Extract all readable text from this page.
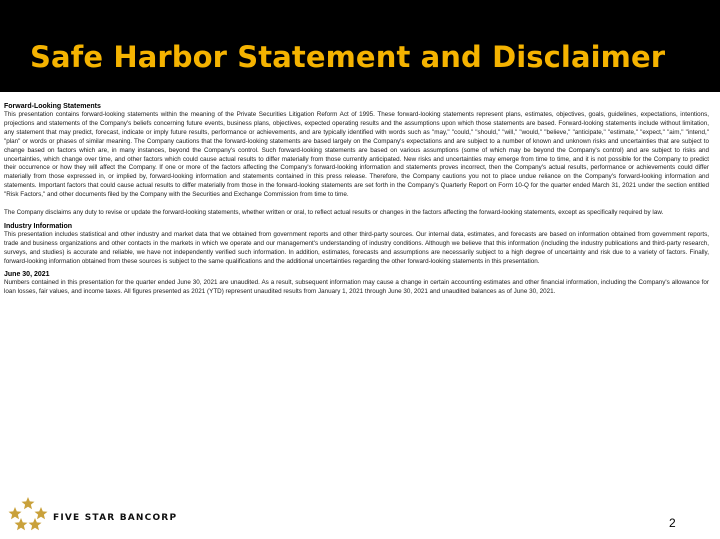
Safe Harbor Statement and Disclaimer
Forward-Looking Statements

This presentation contains forward-looking statements within the meaning of the Private Securities Litigation Reform Act of 1995. These forward-looking statements represent plans, estimates, objectives, goals, guidelines, expectations, intentions, projections and statements of the Company's beliefs concerning future events, business plans, objectives, expected operating results and the assumptions upon which those statements are based. Forward-looking statements include without limitation, any statement that may predict, forecast, indicate or imply future results, performance or achievements, and are typically identified with words such as "may," "could," "should," "will," "would," "believe," "anticipate," "estimate," "expect," "aim," "intend," "plan" or words or phases of similar meaning. The Company cautions that the forward-looking statements are based largely on the Company's expectations and are subject to a number of known and unknown risks and uncertainties that are subject to change based on factors which are, in many instances, beyond the Company's control. Such forward-looking statements are based on various assumptions (some of which may be beyond the Company's control) and are subject to risks and uncertainties, which change over time, and other factors which could cause actual results to differ materially from those currently anticipated. New risks and uncertainties may emerge from time to time, and it is not possible for the Company to predict their occurrence or how they will affect the Company. If one or more of the factors affecting the Company's forward-looking information and statements proves incorrect, then the Company's actual results, performance or achievements could differ materially from those expressed in, or implied by, forward-looking information and statements contained in this press release. Therefore, the Company cautions you not to place undue reliance on the Company's forward-looking information and statements. Important factors that could cause actual results to differ materially from those in the forward-looking statements are set forth in the Company's Quarterly Report on Form 10-Q for the quarter ended March 31, 2021 under the section entitled "Risk Factors," and other documents filed by the Company with the Securities and Exchange Commission from time to time.

The Company disclaims any duty to revise or update the forward-looking statements, whether written or oral, to reflect actual results or changes in the factors affecting the forward-looking statements, except as specifically required by law.

Industry Information

This presentation includes statistical and other industry and market data that we obtained from government reports and other third-party sources. Our internal data, estimates, and forecasts are based on information obtained from government reports, trade and business organizations and other contacts in the markets in which we operate and our management's understanding of industry conditions. Although we believe that this information (including the industry publications and third-party research, surveys, and studies) is accurate and reliable, we have not independently verified such information. In addition, estimates, forecasts and assumptions are necessarily subject to a high degree of uncertainty and risk due to a variety of factors. Finally, forward-looking information obtained from these sources is subject to the same qualifications and the additional uncertainties regarding the other forward-looking statements in this presentation.

June 30, 2021

Numbers contained in this presentation for the quarter ended June 30, 2021 are unaudited. As a result, subsequent information may cause a change in certain accounting estimates and other financial information, including the Company's allowance for loan losses, fair values, and income taxes. All figures presented as 2021 (YTD) represent unaudited results from January 1, 2021 through June 30, 2021 and unaudited balances as of June 30, 2021.

FIVE STAR BANCORP	2
